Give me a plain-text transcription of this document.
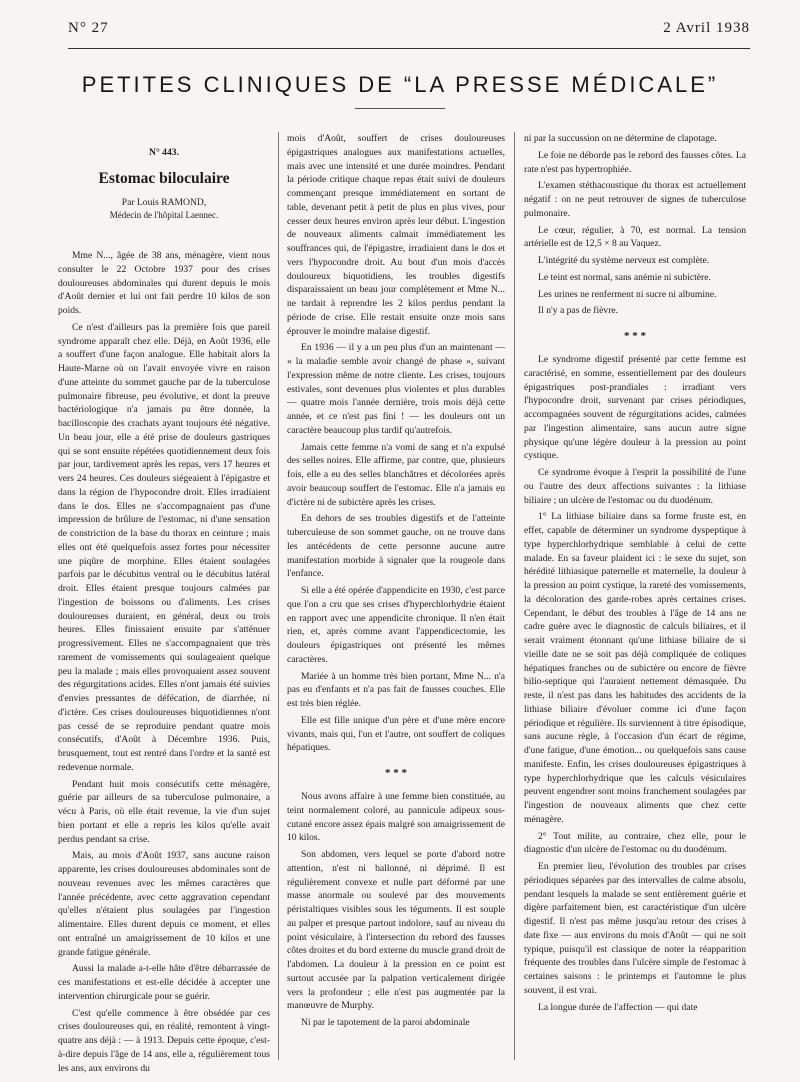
N° 27	2 Avril 1938
PETITES CLINIQUES DE “LA PRESSE MÉDICALE”
N° 443.
Estomac biloculaire
Par Louis RAMOND,
Médecin de l'hôpital Laennec.

Mme N..., âgée de 38 ans, ménagère, vient nous consulter le 22 Octobre 1937 pour des crises douloureuses abdominales qui durent depuis le mois d'Août dernier et lui ont fait perdre 10 kilos de son poids.

Ce n'est d'ailleurs pas la première fois que pareil syndrome apparaît chez elle. Déjà, en Août 1936, elle a souffert d'une façon analogue. Elle habitait alors la Haute-Marne où on l'avait envoyée vivre en raison d'une atteinte du sommet gauche par de la tuberculose pulmonaire fibreuse, peu évolutive, et dont la preuve bactériologique n'a jamais pu être donnée, la bacilloscopie des crachats ayant toujours été négative. Un beau jour, elle a été prise de douleurs gastriques qui se sont ensuite répétées quotidiennement deux fois par jour, tardivement après les repas, vers 17 heures et vers 24 heures. Ces douleurs siégeaient à l'épigastre et dans la région de l'hypocondre droit. Elles irradiaient dans le dos. Elles ne s'accompagnaient pas d'une impression de brûlure de l'estomac, ni d'une sensation de constriction de la base du thorax en ceinture ; mais elles ont été quelquefois assez fortes pour nécessiter une piqûre de morphine. Elles étaient soulagées parfois par le décubitus ventral ou le décubitus latéral droit. Elles étaient presque toujours calmées par l'ingestion de boissons ou d'aliments. Les crises douloureuses duraient, en général, deux ou trois heures. Elles finissaient ensuite par s'atténuer progressivement. Elles ne s'accompagnaient que très rarement de vomissements qui soulageaient quelque peu la malade ; mais elles provoquaient assez souvent des régurgitations acides. Elles n'ont jamais été suivies d'envies pressantes de défécation, de diarrhée, ni d'ictère. Ces crises douloureuses biquotidiennes n'ont pas cessé de se reproduire pendant quatre mois consécutifs, d'Août à Décembre 1936. Puis, brusquement, tout est rentré dans l'ordre et la santé est redevenue normale.

Pendant huit mois consécutifs cette ménagère, guérie par ailleurs de sa tuberculose pulmonaire, a vécu à Paris, où elle était revenue, la vie d'un sujet bien portant et elle a repris les kilos qu'elle avait perdus pendant sa crise.

Mais, au mois d'Août 1937, sans aucune raison apparente, les crises douloureuses abdominales sont de nouveau revenues avec les mêmes caractères que l'année précédente, avec cette aggravation cependant qu'elles n'étaient plus soulagées par l'ingestion alimentaire. Elles durent depuis ce moment, et elles ont entraîné un amaigrissement de 10 kilos et une grande fatigue générale.

Aussi la malade a-t-elle hâte d'être débarrassée de ces manifestations et est-elle décidée à accepter une intervention chirurgicale pour se guérir.

C'est qu'elle commence à être obsédée par ces crises douloureuses qui, en réalité, remontent à vingt-quatre ans déjà : — à 1913. Depuis cette époque, c'est-à-dire depuis l'âge de 14 ans, elle a, régulièrement tous les ans, aux environs du

mois d'Août, souffert de crises douloureuses épigastriques analogues aux manifestations actuelles, mais avec une intensité et une durée moindres. Pendant la période critique chaque repas était suivi de douleurs commençant presque immédiatement en sortant de table, devenant petit à petit de plus en plus vives, pour cesser deux heures environ après leur début. L'ingestion de nouveaux aliments calmait immédiatement les souffrances qui, de l'épigastre, irradiaient dans le dos et vers l'hypocondre droit. Au bout d'un mois d'accès douloureux biquotidiens, les troubles digestifs disparaissaient un beau jour complètement et Mme N... ne tardait à reprendre les 2 kilos perdus pendant la période de crise. Elle restait ensuite onze mois sans éprouver le moindre malaise digestif.

En 1936 — il y a un peu plus d'un an maintenant — « la maladie semble avoir changé de phase », suivant l'expression même de notre cliente. Les crises, toujours estivales, sont devenues plus violentes et plus durables — quatre mois l'année dernière, trois mois déjà cette année, et ce n'est pas fini ! — les douleurs ont un caractère beaucoup plus tardif qu'autrefois.

Jamais cette femme n'a vomi de sang et n'a expulsé des selles noires. Elle affirme, par contre, que, plusieurs fois, elle a eu des selles blanchâtres et décolorées après avoir beaucoup souffert de l'estomac. Elle n'a jamais eu d'ictère ni de subictère après les crises.

En dehors de ses troubles digestifs et de l'atteinte tuberculeuse de son sommet gauche, on ne trouve dans les antécédents de cette personne aucune autre manifestation morbide à signaler que la rougeole dans l'enfance.

Si elle a été opérée d'appendicite en 1930, c'est parce que l'on a cru que ses crises d'hyperchlorhydrie étaient en rapport avec une appendicite chronique. Il n'en était rien, et, après comme avant l'appendicectomie, les douleurs épigastriques ont présenté les mêmes caractères.

Mariée à un homme très bien portant, Mme N... n'a pas eu d'enfants et n'a pas fait de fausses couches. Elle est très bien réglée.

Elle est fille unique d'un père et d'une mère encore vivants, mais qui, l'un et l'autre, ont souffert de coliques hépatiques.

* * *

Nous avons affaire à une femme bien constituée, au teint normalement coloré, au pannicule adipeux sous-cutané encore assez épais malgré son amaigrissement de 10 kilos.

Son abdomen, vers lequel se porte d'abord notre attention, n'est ni ballonné, ni déprimé. Il est régulièrement convexe et nulle part déformé par une masse anormale ou soulevé par des mouvements péristaltiques visibles sous les téguments. Il est souple au palper et presque partout indolore, sauf au niveau du point vésiculaire, à l'intersection du rebord des fausses côtes droites et du bord externe du muscle grand droit de l'abdomen. La douleur à la pression en ce point est surtout accusée par la palpation verticalement dirigée vers la profondeur ; elle n'est pas augmentée par la manœuvre de Murphy.

Ni par le tapotement de la paroi abdominale

ni par la succussion on ne détermine de clapotage.

Le foie ne déborde pas le rebord des fausses côtes. La rate n'est pas hypertrophiée.

L'examen stéthacoustique du thorax est actuellement négatif : on ne peut retrouver de signes de tuberculose pulmonaire.

Le cœur, régulier, à 70, est normal. La tension artérielle est de 12,5 × 8 au Vaquez.

L'intégrité du système nerveux est complète.

Le teint est normal, sans anémie ni subictère.

Les urines ne renferment ni sucre ni albumine.

Il n'y a pas de fièvre.

* * *

Le syndrome digestif présenté par cette femme est caractérisé, en somme, essentiellement par des douleurs épigastriques post-prandiales : irradiant vers l'hypocondre droit, survenant par crises périodiques, accompagnées souvent de régurgitations acides, calmées par l'ingestion alimentaire, sans aucun autre signe physique qu'une légère douleur à la pression au point cystique.

Ce syndrome évoque à l'esprit la possibilité de l'une ou l'autre des deux affections suivantes : la lithiase biliaire ; un ulcère de l'estomac ou du duodénum.

1° La lithiase biliaire dans sa forme fruste est, en effet, capable de déterminer un syndrome dyspeptique à type hyperchlorhydrique semblable à celui de cette malade. En sa faveur plaident ici : le sexe du sujet, son hérédité lithiasique paternelle et maternelle, la douleur à la pression au point cystique, la rareté des vomissements, la décoloration des garde-robes après certaines crises. Cependant, le début des troubles à l'âge de 14 ans ne cadre guère avec le diagnostic de calculs biliaires, et il serait vraiment étonnant qu'une lithiase biliaire de si vieille date ne se soit pas déjà compliquée de coliques hépatiques franches ou de subictère ou encore de fièvre bilio-septique qui l'auraient nettement démasquée. Du reste, il n'est pas dans les habitudes des accidents de la lithiase biliaire d'évoluer comme ici d'une façon périodique et régulière. Ils surviennent à titre épisodique, sans aucune règle, à l'occasion d'un écart de régime, d'une fatigue, d'une émotion... ou quelquefois sans cause manifeste. Enfin, les crises douloureuses épigastriques à type hyperchlorhydrique que les calculs vésiculaires peuvent engendrer sont moins franchement soulagées par l'ingestion de nouveaux aliments que chez cette ménagère.

2° Tout milite, au contraire, chez elle, pour le diagnostic d'un ulcère de l'estomac ou du duodénum.

En premier lieu, l'évolution des troubles par crises périodiques séparées par des intervalles de calme absolu, pendant lesquels la malade se sent entièrement guérie et digère parfaitement bien, est caractéristique d'un ulcère digestif. Il n'est pas même jusqu'au retour des crises à date fixe — aux environs du mois d'Août — qui ne soit typique, puisqu'il est classique de noter la réapparition fréquente des troubles dans l'ulcère simple de l'estomac à certaines saisons : le printemps et l'automne le plus souvent, il est vrai.

La longue durée de l'affection — qui date
